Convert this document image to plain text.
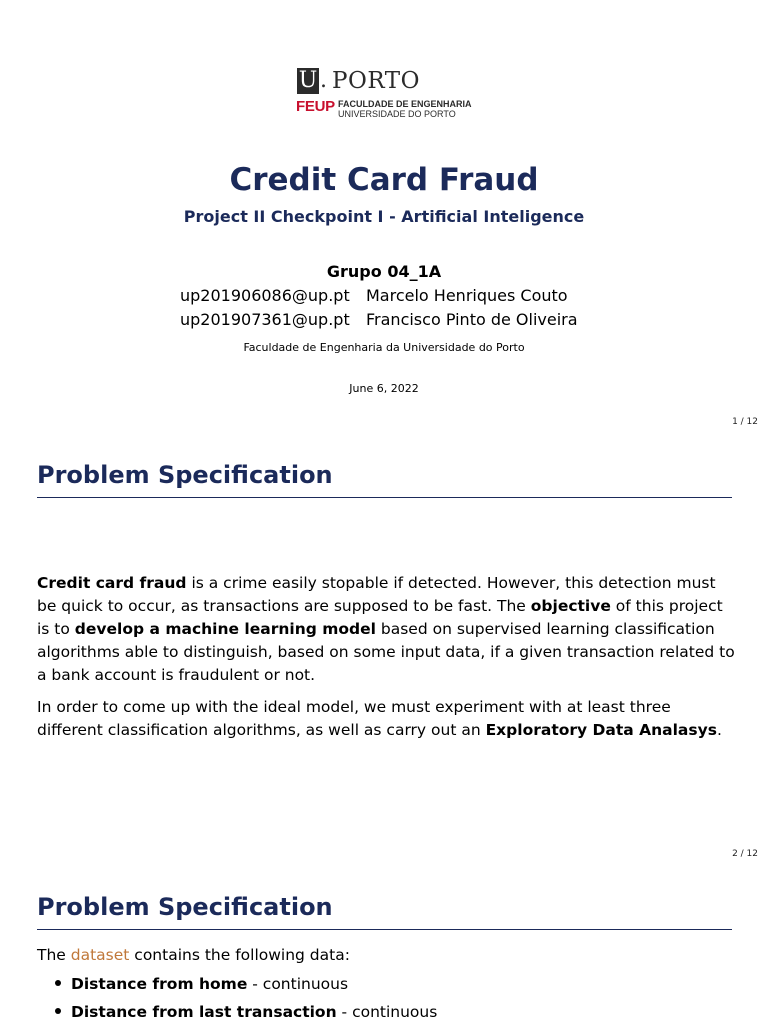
U . PORTO
FEUP FACULDADE DE ENGENHARIA
UNIVERSIDADE DO PORTO
Credit Card Fraud
Project II Checkpoint I - Artificial Inteligence
Grupo 04_1A
up201906086@up.pt Marcelo Henriques Couto
up201907361@up.pt Francisco Pinto de Oliveira
Faculdade de Engenharia da Universidade do Porto
June 6, 2022
1 / 12
Problem Specification
Credit card fraud is a crime easily stopable if detected. However, this detection must be quick to occur, as transactions are supposed to be fast. The objective of this project is to develop a machine learning model based on supervised learning classification algorithms able to distinguish, based on some input data, if a given transaction related to a bank account is fraudulent or not.
In order to come up with the ideal model, we must experiment with at least three different classification algorithms, as well as carry out an Exploratory Data Analasys.
2 / 12
Problem Specification
The dataset contains the following data:
Distance from home - continuous
Distance from last transaction - continuous
